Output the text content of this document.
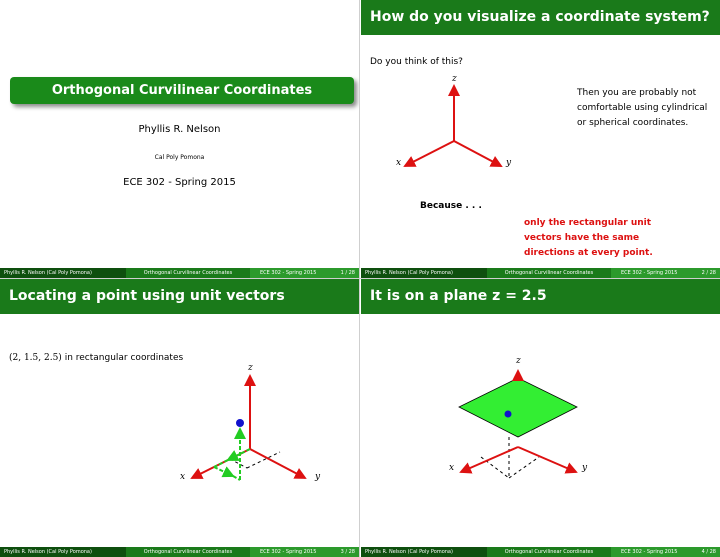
Orthogonal Curvilinear Coordinates
Phyllis R. Nelson
Cal Poly Pomona
ECE 302 - Spring 2015
Phyllis R. Nelson (Cal Poly Pomona)	Orthogonal Curvilinear Coordinates	ECE 302 - Spring 2015	1 / 28
How do you visualize a coordinate system?
Do you think of this?
z
x	y
Then you are probably not
comfortable using cylindrical
or spherical coordinates.
Because . . .
only the rectangular unit
vectors have the same
directions at every point.
Phyllis R. Nelson (Cal Poly Pomona)	Orthogonal Curvilinear Coordinates	ECE 302 - Spring 2015	2 / 28
Locating a point using unit vectors
(2, 1.5, 2.5) in rectangular coordinates
z
x	y
Phyllis R. Nelson (Cal Poly Pomona)	Orthogonal Curvilinear Coordinates	ECE 302 - Spring 2015	3 / 28
It is on a plane z = 2.5
z
x	y
Phyllis R. Nelson (Cal Poly Pomona)	Orthogonal Curvilinear Coordinates	ECE 302 - Spring 2015	4 / 28
